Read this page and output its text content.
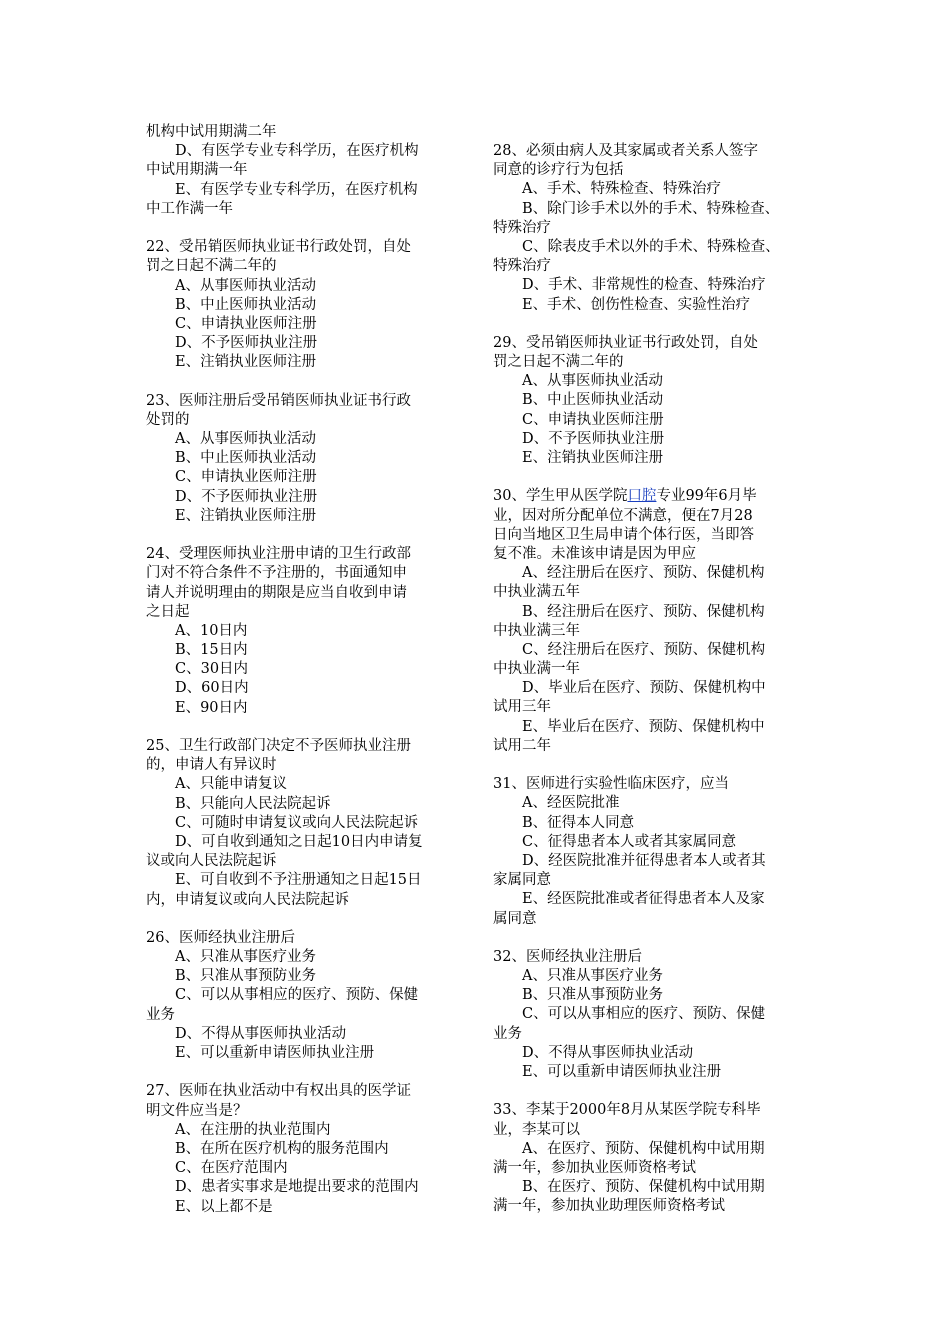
机构中试用期满二年
D、有医学专业专科学历，在医疗机构
中试用期满一年
E、有医学专业专科学历，在医疗机构
中工作满一年
22、受吊销医师执业证书行政处罚，自处
罚之日起不满二年的
A、从事医师执业活动
B、中止医师执业活动
C、申请执业医师注册
D、不予医师执业注册
E、注销执业医师注册
23、医师注册后受吊销医师执业证书行政
处罚的
A、从事医师执业活动
B、中止医师执业活动
C、申请执业医师注册
D、不予医师执业注册
E、注销执业医师注册
24、受理医师执业注册申请的卫生行政部
门对不符合条件不予注册的，书面通知申
请人并说明理由的期限是应当自收到申请
之日起
A、10日内
B、15日内
C、30日内
D、60日内
E、90日内
25、卫生行政部门决定不予医师执业注册
的，申请人有异议时
A、只能申请复议
B、只能向人民法院起诉
C、可随时申请复议或向人民法院起诉
D、可自收到通知之日起10日内申请复
议或向人民法院起诉
E、可自收到不予注册通知之日起15日
内，申请复议或向人民法院起诉
26、医师经执业注册后
A、只准从事医疗业务
B、只准从事预防业务
C、可以从事相应的医疗、预防、保健
业务
D、不得从事医师执业活动
E、可以重新申请医师执业注册
27、医师在执业活动中有权出具的医学证
明文件应当是？
A、在注册的执业范围内
B、在所在医疗机构的服务范围内
C、在医疗范围内
D、患者实事求是地提出要求的范围内
E、以上都不是
28、必须由病人及其家属或者关系人签字
同意的诊疗行为包括
A、手术、特殊检查、特殊治疗
B、除门诊手术以外的手术、特殊检查、
特殊治疗
C、除表皮手术以外的手术、特殊检查、
特殊治疗
D、手术、非常规性的检查、特殊治疗
E、手术、创伤性检查、实验性治疗
29、受吊销医师执业证书行政处罚，自处
罚之日起不满二年的
A、从事医师执业活动
B、中止医师执业活动
C、申请执业医师注册
D、不予医师执业注册
E、注销执业医师注册
30、学生甲从医学院口腔专业99年6月毕
业，因对所分配单位不满意，便在7月28
日向当地区卫生局申请个体行医，当即答
复不准。未准该申请是因为甲应
A、经注册后在医疗、预防、保健机构
中执业满五年
B、经注册后在医疗、预防、保健机构
中执业满三年
C、经注册后在医疗、预防、保健机构
中执业满一年
D、毕业后在医疗、预防、保健机构中
试用三年
E、毕业后在医疗、预防、保健机构中
试用二年
31、医师进行实验性临床医疗，应当
A、经医院批准
B、征得本人同意
C、征得患者本人或者其家属同意
D、经医院批准并征得患者本人或者其
家属同意
E、经医院批准或者征得患者本人及家
属同意
32、医师经执业注册后
A、只准从事医疗业务
B、只准从事预防业务
C、可以从事相应的医疗、预防、保健
业务
D、不得从事医师执业活动
E、可以重新申请医师执业注册
33、李某于2000年8月从某医学院专科毕
业，李某可以
A、在医疗、预防、保健机构中试用期
满一年，参加执业医师资格考试
B、在医疗、预防、保健机构中试用期
满一年，参加执业助理医师资格考试
